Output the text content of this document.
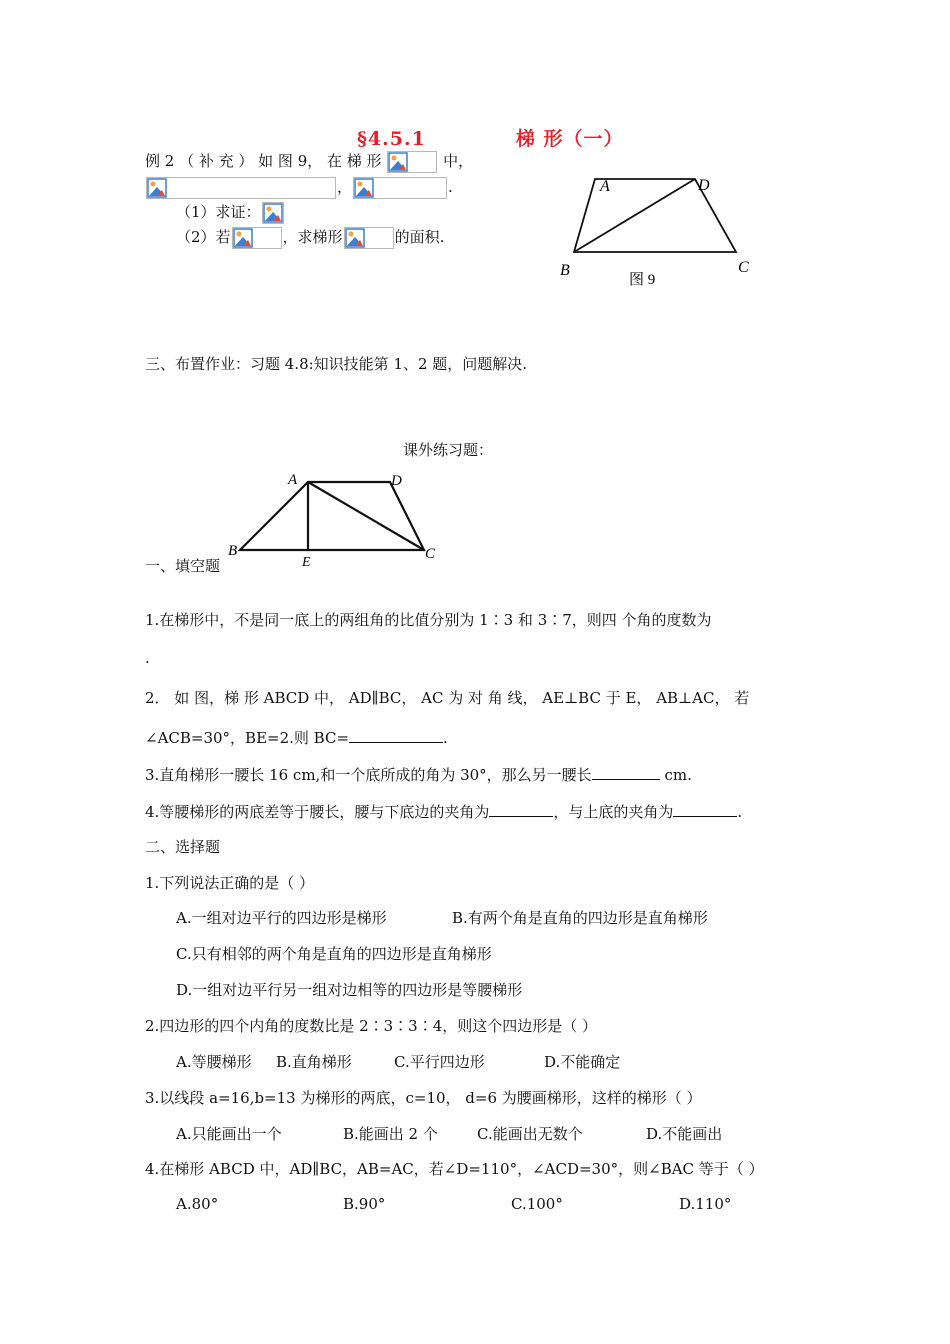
§4.5.1	梯 形（一）
例 2 （ 补 充 ） 如 图 9， 在 梯 形	中，
，	.
（1）求证：
（2）若	，求梯形	的面积.
A	D
B	C
图 9
三、布置作业：习题 4.8:知识技能第 1、2 题，问题解决.
课外练习题：
A	D
B
E
C
一、填空题
1.在梯形中，不是同一底上的两组角的比值分别为 1∶3 和 3∶7，则四 个角的度数为
.
2． 如 图，梯 形 ABCD 中， AD∥BC， AC 为 对 角 线， AE⊥BC 于 E， AB⊥AC， 若
∠ACB=30°，BE=2.则 BC=	.
3.直角梯形一腰长 16 cm,和一个底所成的角为 30°，那么另一腰长	cm.
4.等腰梯形的两底差等于腰长，腰与下底边的夹角为	，与上底的夹角为	.
二、选择题
1.下列说法正确的是（ ）
A.一组对边平行的四边形是梯形	B.有两个角是直角的四边形是直角梯形
C.只有相邻的两个角是直角的四边形是直角梯形
D.一组对边平行另一组对边相等的四边形是等腰梯形
2.四边形的四个内角的度数比是 2∶3∶3∶4，则这个四边形是（ ）
A.等腰梯形 B.直角梯形	C.平行四边形	D.不能确定
3.以线段 a=16,b=13 为梯形的两底，c=10， d=6 为腰画梯形，这样的梯形（ ）
A.只能画出一个	B.能画出 2 个	C.能画出无数个	D.不能画出
4.在梯形 ABCD 中，AD∥BC，AB=AC，若∠D=110°，∠ACD=30°，则∠BAC 等于（ ）
A.80°	B.90°	C.100°	D.110°
